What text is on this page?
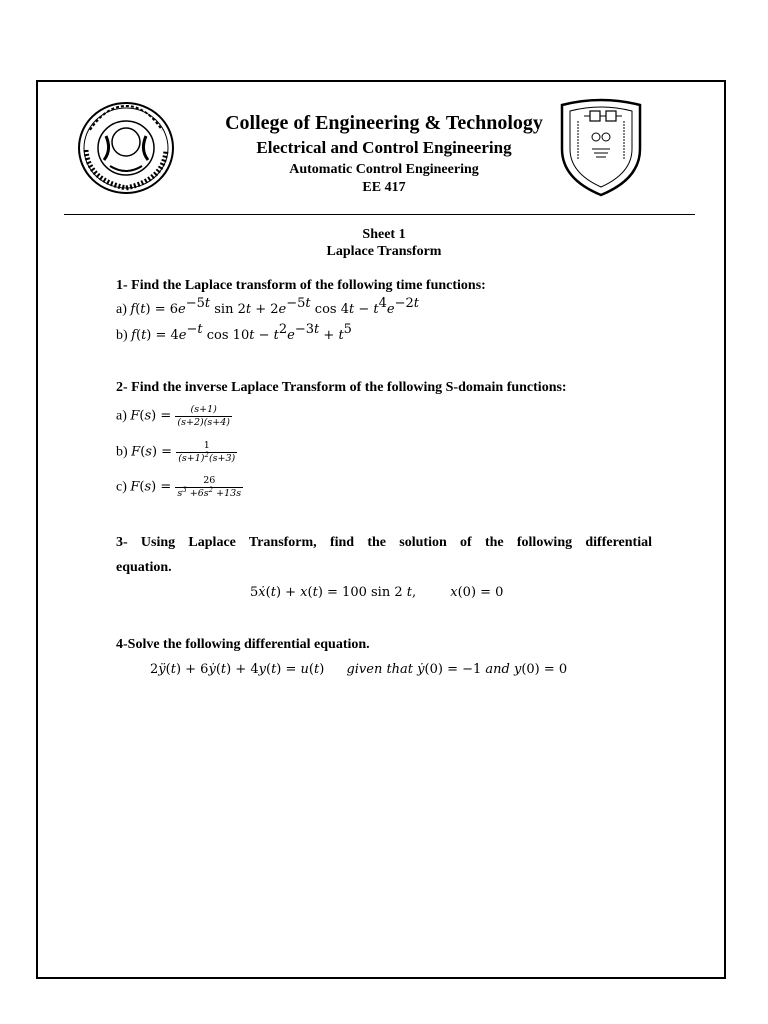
College of Engineering & Technology
Electrical and Control Engineering
Automatic Control Engineering
EE 417
Sheet 1
Laplace Transform
1- Find the Laplace transform of the following time functions:
a) $f(t) = 6e^{-5t}$ $\sin 2t + 2e^{-5t}$ $\cos 4t - t^4e^{-2t}$
b) $f(t) = 4e^{-t}$ $\cos 10t - t^2e^{-3t} + t^5$
2- Find the inverse Laplace Transform of the following S-domain functions:
a) $F(s) = \frac{(s+1)}{(s+2)(s+4)}$
b) $F(s) = \frac{1}{(s+1)^2(s+3)}$
c) $F(s) = \frac{26}{s^3 +6s^2 +13s}$
3- Using Laplace Transform, find the solution of the following differential
equation.
5ẋ(t) + x(t) = 100 sin 2 t,	x(0) = 0
4-Solve the following differential equation.
2ÿ(t) + 6ẏ(t) + 4y(t) = u(t) given that ẏ(0) = −1 and y(0) = 0
